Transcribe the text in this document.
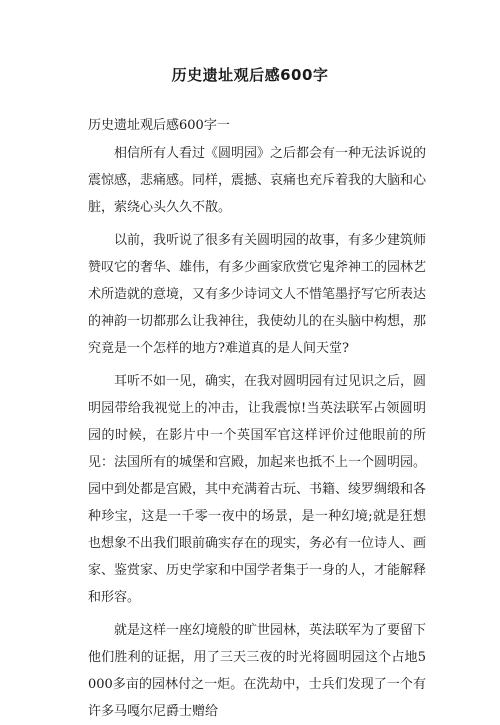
历史遗址观后感600字

历史遗址观后感600字一

相信所有人看过《圆明园》之后都会有一种无法诉说的震惊感，悲痛感。同样，震撼、哀痛也充斥着我的大脑和心脏，萦绕心头久久不散。

以前，我听说了很多有关圆明园的故事，有多少建筑师赞叹它的奢华、雄伟，有多少画家欣赏它鬼斧神工的园林艺术所造就的意境，又有多少诗词文人不惜笔墨抒写它所表达的神韵一切都那么让我神往，我使幼儿的在头脑中构想，那究竟是一个怎样的地方?难道真的是人间天堂?

耳听不如一见，确实，在我对圆明园有过见识之后，圆明园带给我视觉上的冲击，让我震惊!当英法联军占领圆明园的时候，在影片中一个英国军官这样评价过他眼前的所见：法国所有的城堡和宫殿，加起来也抵不上一个圆明园。园中到处都是宫殿，其中充满着古玩、书籍、绫罗绸缎和各种珍宝，这是一千零一夜中的场景，是一种幻境;就是狂想也想象不出我们眼前确实存在的现实，务必有一位诗人、画家、鉴赏家、历史学家和中国学者集于一身的人，才能解释和形容。

就是这样一座幻境般的旷世园林，英法联军为了要留下他们胜利的证据，用了三天三夜的时光将圆明园这个占地5000多亩的园林付之一炬。在洗劫中，士兵们发现了一个有许多马嘎尔尼爵士赠给
